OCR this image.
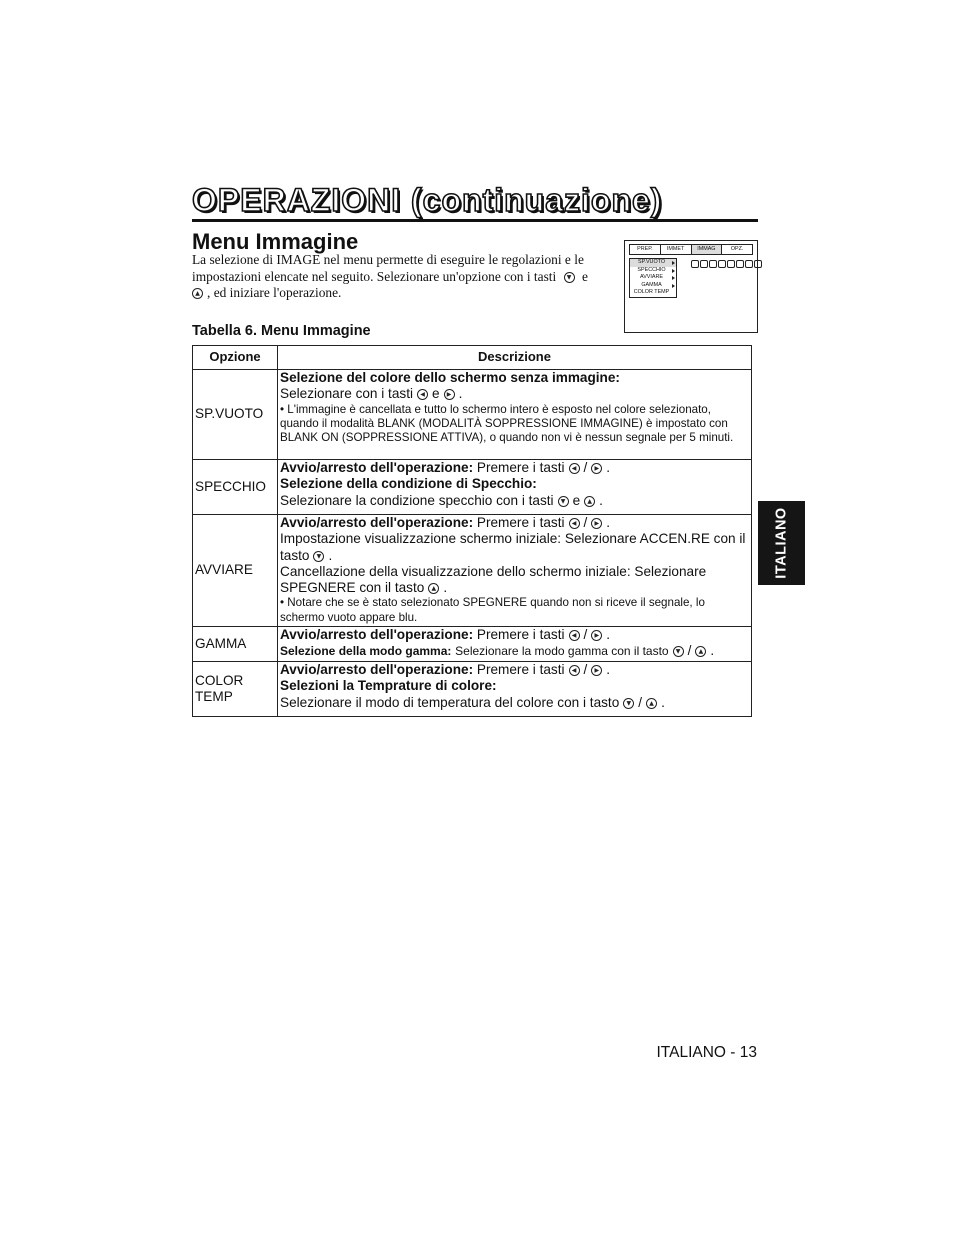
OPERAZIONI (continuazione)
Menu Immagine
La selezione di IMAGE nel menu permette di eseguire le regolazioni e le impostazioni elencate nel seguito. Selezionare un'opzione con i tasti ▼ e
▲ , ed iniziare l'operazione.
PREP.	IMMET	IMMAG	OPZ.
SP.VUOTO
SPECCHIO
AVVIARE
GAMMA
COLOR TEMP
Tabella 6. Menu Immagine
Opzione	Descrizione
SP.VUOTO	Selezione del colore dello schermo senza immagine:
Selezionare con i tasti ◀ e ▶ .
• L'immagine è cancellata e tutto lo schermo intero è esposto nel colore selezionato, quando il modalità BLANK (MODALITÀ SOPPRESSIONE IMMAGINE) è impostato con BLANK ON (SOPPRESSIONE ATTIVA), o quando non vi è nessun segnale per 5 minuti.

SPECCHIO	Avvio/arresto dell'operazione: Premere i tasti ◀ / ▶ .
Selezione della condizione di Specchio:
Selezionare la condizione specchio con i tasti ▼ e ▲ .

AVVIARE	Avvio/arresto dell'operazione: Premere i tasti ◀ / ▶ .
Impostazione visualizzazione schermo iniziale: Selezionare ACCEN.RE con il tasto ▼ .
Cancellazione della visualizzazione dello schermo iniziale: Selezionare SPEGNERE con il tasto ▲ .
• Notare che se è stato selezionato SPEGNERE quando non si riceve il segnale, lo schermo vuoto appare blu.

GAMMA	Avvio/arresto dell'operazione: Premere i tasti ◀ / ▶ .
Selezione della modo gamma: Selezionare la modo gamma con il tasto ▼ / ▲ .

COLOR TEMP	Avvio/arresto dell'operazione: Premere i tasti ◀ / ▶ .
Selezioni la Temprature di colore:
Selezionare il modo di temperatura del colore con i tasto ▼ / ▲ .
ITALIANO
ITALIANO - 13
